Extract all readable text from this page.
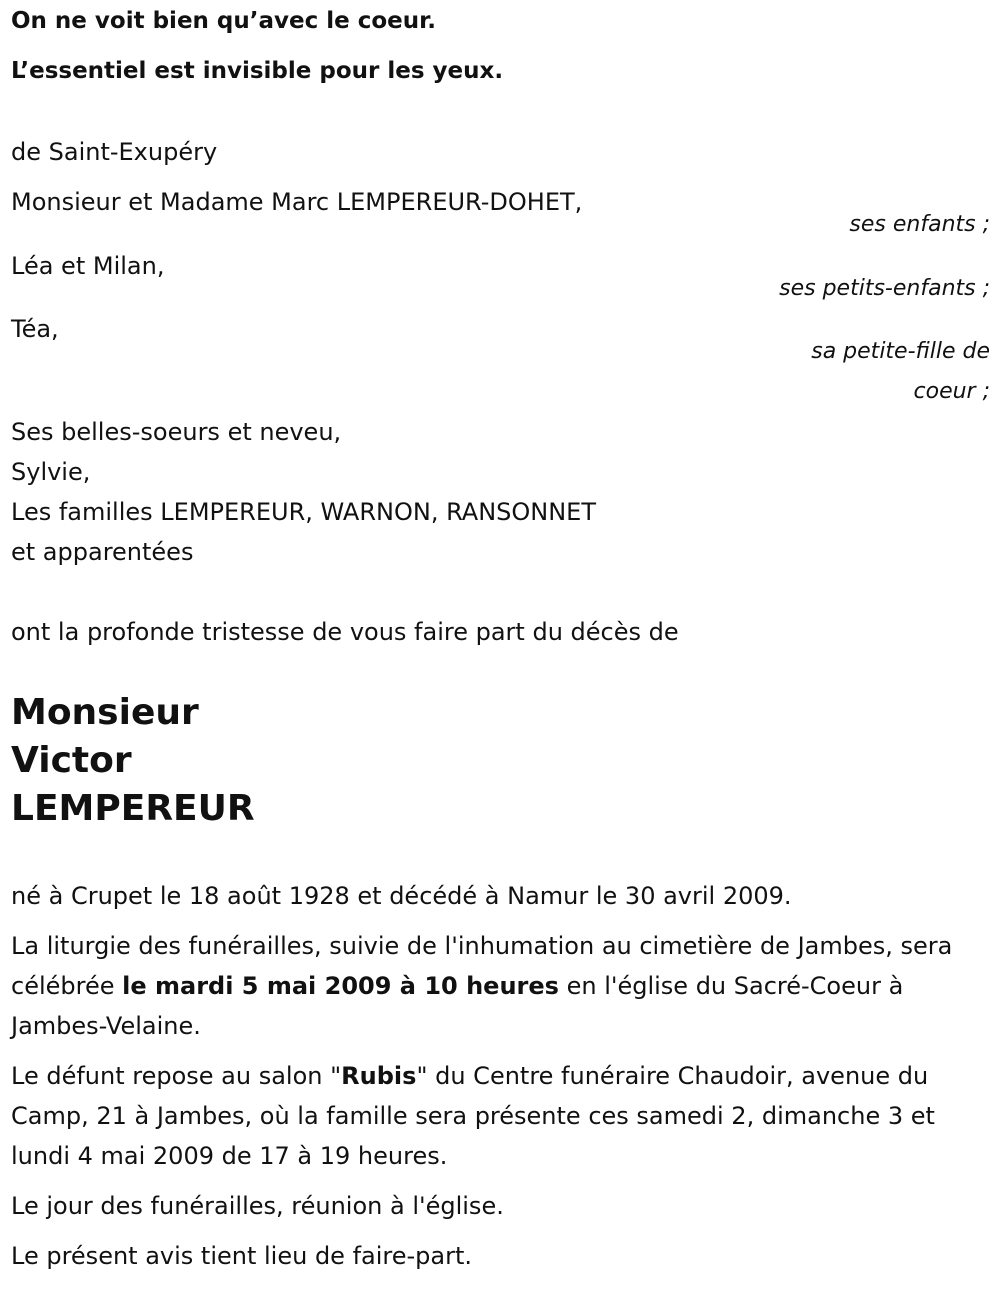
On ne voit bien qu’avec le coeur.
L’essentiel est invisible pour les yeux.
de Saint-Exupéry
Monsieur et Madame Marc LEMPEREUR-DOHET,
ses enfants ;
Léa et Milan,
ses petits-enfants ;
Téa,
sa petite-fille de
coeur ;
Ses belles-soeurs et neveu,
Sylvie,
Les familles LEMPEREUR, WARNON, RANSONNET
et apparentées
ont la profonde tristesse de vous faire part du décès de
Monsieur
Victor
LEMPEREUR
né à Crupet le 18 août 1928 et décédé à Namur le 30 avril 2009.
La liturgie des funérailles, suivie de l'inhumation au cimetière de Jambes, sera célébrée le mardi 5 mai 2009 à 10 heures en l'église du Sacré-Coeur à Jambes-Velaine.
Le défunt repose au salon "Rubis" du Centre funéraire Chaudoir, avenue du Camp, 21 à Jambes, où la famille sera présente ces samedi 2, dimanche 3 et lundi 4 mai 2009 de 17 à 19 heures.
Le jour des funérailles, réunion à l'église.
Le présent avis tient lieu de faire-part.
